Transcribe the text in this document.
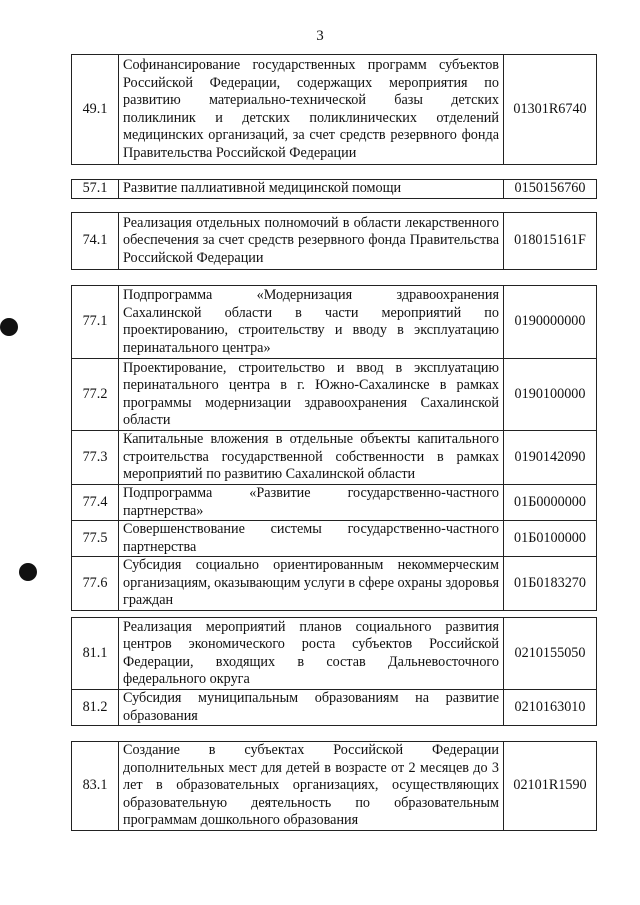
3
49.1	Софинансирование государственных программ субъектов Российской Федерации, содержащих мероприятия по развитию материально-технической базы детских поликлиник и детских поликлинических отделений медицинских организаций, за счет средств резервного фонда Правительства Российской Федерации	01301R6740
57.1	Развитие паллиативной медицинской помощи	0150156760
74.1	Реализация отдельных полномочий в области лекарственного обеспечения за счет средств резервного фонда Правительства Российской Федерации	018015161F
77.1	Подпрограмма «Модернизация здравоохранения Сахалинской области в части мероприятий по проектированию, строительству и вводу в эксплуатацию перинатального центра»	0190000000
77.2	Проектирование, строительство и ввод в эксплуатацию перинатального центра в г. Южно-Сахалинске в рамках программы модернизации здравоохранения Сахалинской области	0190100000
77.3	Капитальные вложения в отдельные объекты капитального строительства государственной собственности в рамках мероприятий по развитию Сахалинской области	0190142090
77.4	Подпрограмма «Развитие государственно-частного партнерства»	01Б0000000
77.5	Совершенствование системы государственно-частного партнерства	01Б0100000
77.6	Субсидия социально ориентированным некоммерческим организациям, оказывающим услуги в сфере охраны здоровья граждан	01Б0183270
81.1	Реализация мероприятий планов социального развития центров экономического роста субъектов Российской Федерации, входящих в состав Дальневосточного федерального округа	0210155050
81.2	Субсидия муниципальным образованиям на развитие образования	0210163010
83.1	Создание в субъектах Российской Федерации дополнительных мест для детей в возрасте от 2 месяцев до 3 лет в образовательных организациях, осуществляющих образовательную деятельность по образовательным программам дошкольного образования	02101R1590
